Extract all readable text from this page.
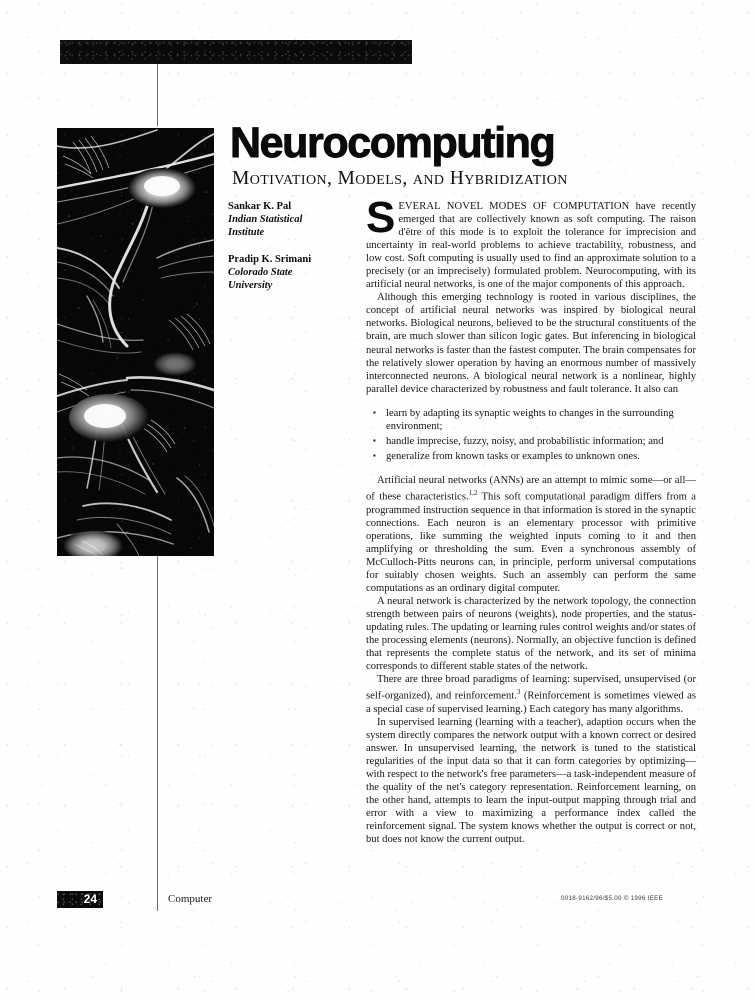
Guest Editors' Introduction
Neurocomputing
Motivation, Models, and Hybridization
Sankar K. Pal
Indian Statistical
Institute
Pradip K. Srimani
Colorado State
University

SEVERAL NOVEL MODES OF COMPUTATION have recently emerged that are collectively known as soft computing. The raison d'être of this mode is to exploit the tolerance for imprecision and uncertainty in real-world problems to achieve tractability, robustness, and low cost. Soft computing is usually used to find an approximate solution to a precisely (or an imprecisely) formulated problem. Neurocomputing, with its artificial neural networks, is one of the major components of this approach.

Although this emerging technology is rooted in various disciplines, the concept of artificial neural networks was inspired by biological neural networks. Biological neurons, believed to be the structural constituents of the brain, are much slower than silicon logic gates. But inferencing in biological neural networks is faster than the fastest computer. The brain compensates for the relatively slower operation by having an enormous number of massively interconnected neurons. A biological neural network is a nonlinear, highly parallel device characterized by robustness and fault tolerance. It also can

▪ learn by adapting its synaptic weights to changes in the surrounding environment;
▪ handle imprecise, fuzzy, noisy, and probabilistic information; and
▪ generalize from known tasks or examples to unknown ones.

Artificial neural networks (ANNs) are an attempt to mimic some—or all—of these characteristics.$^{1,2}$ This soft computational paradigm differs from a programmed instruction sequence in that information is stored in the synaptic connections. Each neuron is an elementary processor with primitive operations, like summing the weighted inputs coming to it and then amplifying or thresholding the sum. Even a synchronous assembly of McCulloch-Pitts neurons can, in principle, perform universal computations for suitably chosen weights. Such an assembly can perform the same computations as an ordinary digital computer.

A neural network is characterized by the network topology, the connection strength between pairs of neurons (weights), node properties, and the status-updating rules. The updating or learning rules control weights and/or states of the processing elements (neurons). Normally, an objective function is defined that represents the complete status of the network, and its set of minima corresponds to different stable states of the network.

There are three broad paradigms of learning: supervised, unsupervised (or self-organized), and reinforcement.$^3$ (Reinforcement is sometimes viewed as a special case of supervised learning.) Each category has many algorithms.

In supervised learning (learning with a teacher), adaption occurs when the system directly compares the network output with a known correct or desired answer. In unsupervised learning, the network is tuned to the statistical regularities of the input data so that it can form categories by optimizing—with respect to the network's free parameters—a task-independent measure of the quality of the net's category representation. Reinforcement learning, on the other hand, attempts to learn the input-output mapping through trial and error with a view to maximizing a performance index called the reinforcement signal. The system knows whether the output is correct or not, but does not know the current output.

24	Computer	0018-9162/96/$5.00 © 1996 IEEE
